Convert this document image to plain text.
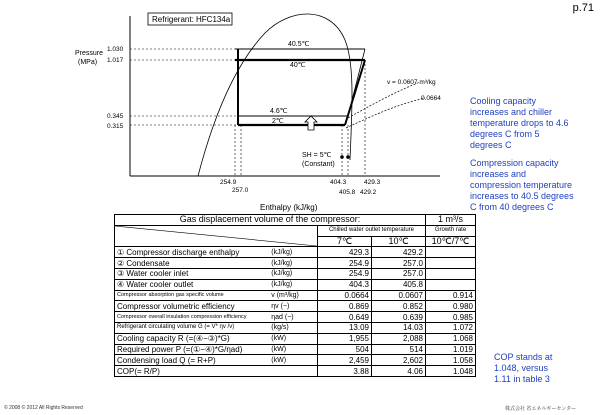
p.71
Refrigerant: HFC134a
40.5℃
40℃
4.6℃
2℃
v = 0.0607 m³/kg
0.0664
SH = 5℃
(Constant)
Pressure
(MPa)
1.030
1.017
0.345
0.315
254.9
257.0
404.3
405.8
429.3
429.2
Enthalpy (kJ/kg)
Cooling capacity
increases and chiller
temperature drops to 4.6
degrees C from 5
degrees C
Compression capacity
increases and
compression temperature
increases to 40.5 degrees
C from 40 degrees C
COP stands at
1.048, versus
1.11 in table 3
Gas displacement volume of the compressor:				1 m³/s

	Chilled water outlet temperature		Growth rate
		7℃	10℃	10℃/7℃
① Compressor discharge enthalpy	(kJ/kg)	429.3	429.2	
② Condensate	(kJ/kg)	254.9	257.0	
③ Water cooler inlet	(kJ/kg)	254.9	257.0	
④ Water cooler outlet	(kJ/kg)	404.3	405.8	
Compressor absorption gas specific volume	v (m³/kg)	0.0664	0.0607	0.914
Compressor volumetric efficiency	ηv (−)	0.869	0.852	0.980
Compressor overall insulation compression efficiency	ηad (−)	0.649	0.639	0.985
Refrigerant circulating volume G (= V* ηv /v)	(kg/s)	13.09	14.03	1.072
Cooling capacity R (=(④−③)*G)	(kW)	1,955	2,088	1.068
Required power P (=(①−④)*G/ηad)	(kW)	504	514	1.019
Condensing load Q (= R+P)	(kW)	2,459	2,602	1.058
COP(= R/P)		3.88	4.06	1.048
© 2008 © 2012 All Rights Reserved	株式会社 省エネルギーセンター
